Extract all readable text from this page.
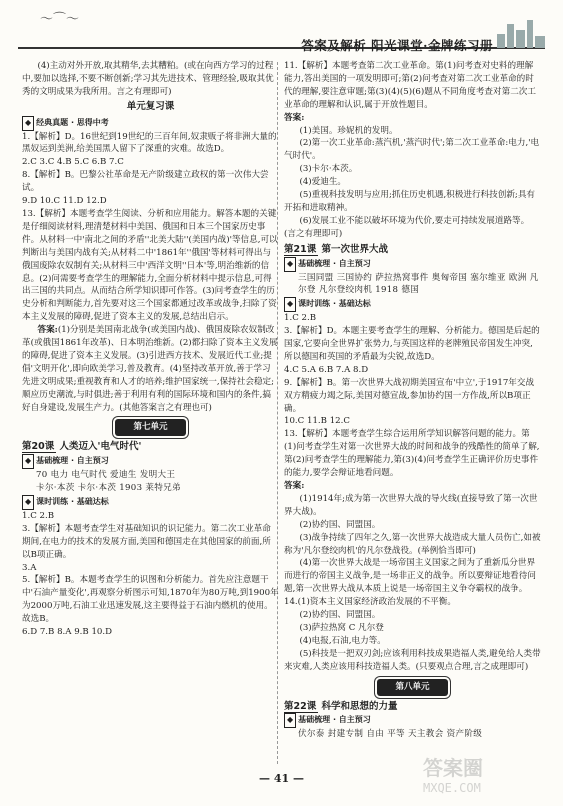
〜⌒〜
答案及解析 阳光课堂·金牌练习册

(4)主动对外开放,取其精华,去其糟粕。(或在向西方学习的过程中,要加以选择,不要不断创新;学习其先进技术、管理经验,吸取其优秀的文明成果为我所用。言之有理即可)

单元复习课

◆ 经典真题 · 思得中考

1.【解析】D。16世纪到19世纪的三百年间,奴隶贩子将非洲大量的黑奴运到美洲,给美国黑人留下了深重的灾难。故选D。

2.C 3.C 4.B 5.C 6.B 7.C

8.【解析】B。巴黎公社革命是无产阶级建立政权的第一次伟大尝试。

9.D 10.C 11.D 12.D

13.【解析】本题考查学生阅读、分析和应用能力。解答本题的关键是仔细阅读材料,理清楚材料中美国、俄国和日本三个国家历史事件。从材料一中'南北之间的矛盾''北美大陆''(美国内战)'等信息,可以判断出与美国内战有关;从材料二中'1861年''俄国'等材料可得出与俄国废除农奴制有关;从材料三中'西洋文明''日本'等,明治维新的信息。(2)问需要考查学生的理解能力,全面分析材料中提示信息,可得出三国的共同点。从而结合所学知识即可作答。(3)问考查学生的历史分析和判断能力,首先要对这三个国家都通过改革或战争,扫除了资本主义发展的障碍,促进了资本主义的发展,总结出启示。

答案:(1)分别是美国南北战争(或美国内战)、俄国废除农奴制改革(或俄国1861年改革)、日本明治维新。(2)都扫除了资本主义发展的障碍,促进了资本主义发展。(3)引进西方技术、发展近代工业;提倡'文明开化',即向欧美学习,普及教育。(4)坚持改革开放,善于学习先进文明成果;重视教育和人才的培养;维护国家统一,保持社会稳定;顺应历史潮流,与时俱进;善于利用有利的国际环境和国内的条件,搞好自身建设,发展生产力。(其他答案言之有理也可)

第七单元
第20课 人类迈入'电气时代'
◆ 基础梳理 · 自主预习

70 电力 电气时代 爱迪生 发明大王

卡尔·本茨 卡尔·本茨 1903 莱特兄弟

◆ 课时训练 · 基础达标

1.C 2.B

3.【解析】本题考查学生对基础知识的识记能力。第二次工业革命期间,在电力的技术的发展方面,美国和德国走在其他国家的前面,所以B项正确。

3.A

5.【解析】B。本题考查学生的识图和分析能力。首先应注意题干中'石油产量变化',再观察分析图示可知,1870年为80万吨,到1900年为2000万吨,石油工业迅速发展,这主要得益于石油内燃机的使用。故选B。

6.D 7.B 8.A 9.B 10.D

11.【解析】本题考查第二次工业革命。第(1)问考查对史料的理解能力,答出美国的一项发明即可;第(2)问考查对第二次工业革命的时代的理解,要注意审题;第(3)(4)(5)(6)题从不同角度考查对第二次工业革命的理解和认识,属于开放性题目。

答案:

(1)美国。珍妮机的发明。

(2)第一次工业革命:蒸汽机,'蒸汽时代';第二次工业革命:电力,'电气时代'。

(3)卡尔·本茨。

(4)爱迪生。

(5)重视科技发明与应用;抓住历史机遇,积极进行科技创新;具有开拓和进取精神。

(6)发展工业不能以破坏环境为代价,要走可持续发展道路等。(言之有理即可)

第21课 第一次世界大战
◆ 基础梳理 · 自主预习

三国同盟 三国协约 萨拉热窝事件 奥匈帝国 塞尔维亚 欧洲 凡尔登 凡尔登绞肉机 1918 德国

◆ 课时训练 · 基础达标

1.C 2.B

3.【解析】D。本题主要考查学生的理解、分析能力。德国是后起的国家,它要向全世界扩张势力,与英国这样的老牌殖民帝国发生冲突,所以德国和英国的矛盾最为尖锐,故选D。

4.C 5.A 6.B 7.A 8.D

9.【解析】B。第一次世界大战初期美国宣布'中立',于1917年交战双方精疲力竭之际,美国对德宣战,参加协约国一方作战,所以B项正确。

10.C 11.B 12.C

13.【解析】本题考查学生综合运用所学知识解答问题的能力。第(1)问考查学生对第一次世界大战的时间和战争的残酷性的简单了解,第(2)问考查学生的理解能力,第(3)(4)问考查学生正确评价历史事件的能力,要学会辩证地看问题。

答案:

(1)1914年;成为第一次世界大战的导火线(直接导致了第一次世界大战)。

(2)协约国、同盟国。

(3)战争持续了四年之久,第一次世界大战造成大量人员伤亡,如被称为'凡尔登绞肉机'的凡尔登战役。(举例恰当即可)

(4)第一次世界大战是一场帝国主义国家之间为了重新瓜分世界而进行的帝国主义战争,是一场非正义的战争。所以要辩证地看待问题,第一次世界大战从本质上说是一场帝国主义争夺霸权的战争。

14.(1)资本主义国家经济政治发展的不平衡。

(2)协约国、同盟国。

(3)萨拉热窝 C 凡尔登

(4)电报,石油,电力等。

(5)科技是一把双刃剑;应该利用科技成果造福人类,避免给人类带来灾难,人类应该用科技造福人类。(只要观点合理,言之成理即可)

第八单元
第22课 科学和思想的力量
◆ 基础梳理 · 自主预习

伏尔泰 封建专制 自由 平等 天主教会 资产阶级

— 41 —	答案圈
MXQE.COM
